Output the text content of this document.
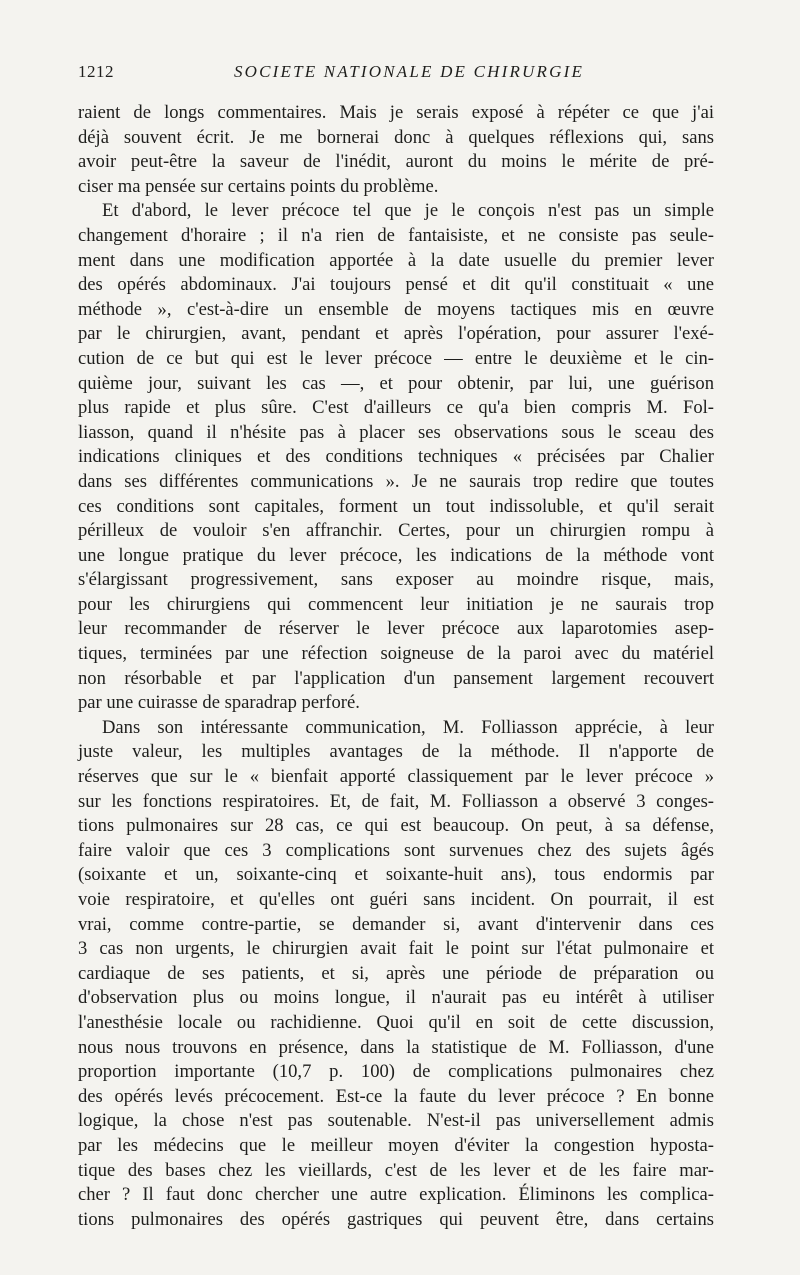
1212	SOCIETE NATIONALE DE CHIRURGIE
raient de longs commentaires. Mais je serais exposé à répéter ce que j'ai
déjà souvent écrit. Je me bornerai donc à quelques réflexions qui, sans
avoir peut-être la saveur de l'inédit, auront du moins le mérite de pré-
ciser ma pensée sur certains points du problème.
Et d'abord, le lever précoce tel que je le conçois n'est pas un simple
changement d'horaire ; il n'a rien de fantaisiste, et ne consiste pas seule-
ment dans une modification apportée à la date usuelle du premier lever
des opérés abdominaux. J'ai toujours pensé et dit qu'il constituait « une
méthode », c'est-à-dire un ensemble de moyens tactiques mis en œuvre
par le chirurgien, avant, pendant et après l'opération, pour assurer l'exé-
cution de ce but qui est le lever précoce — entre le deuxième et le cin-
quième jour, suivant les cas —, et pour obtenir, par lui, une guérison
plus rapide et plus sûre. C'est d'ailleurs ce qu'a bien compris M. Fol-
liasson, quand il n'hésite pas à placer ses observations sous le sceau des
indications cliniques et des conditions techniques « précisées par Chalier
dans ses différentes communications ». Je ne saurais trop redire que toutes
ces conditions sont capitales, forment un tout indissoluble, et qu'il serait
périlleux de vouloir s'en affranchir. Certes, pour un chirurgien rompu à
une longue pratique du lever précoce, les indications de la méthode vont
s'élargissant progressivement, sans exposer au moindre risque, mais,
pour les chirurgiens qui commencent leur initiation je ne saurais trop
leur recommander de réserver le lever précoce aux laparotomies asep-
tiques, terminées par une réfection soigneuse de la paroi avec du matériel
non résorbable et par l'application d'un pansement largement recouvert
par une cuirasse de sparadrap perforé.
Dans son intéressante communication, M. Folliasson apprécie, à leur
juste valeur, les multiples avantages de la méthode. Il n'apporte de
réserves que sur le « bienfait apporté classiquement par le lever précoce »
sur les fonctions respiratoires. Et, de fait, M. Folliasson a observé 3 conges-
tions pulmonaires sur 28 cas, ce qui est beaucoup. On peut, à sa défense,
faire valoir que ces 3 complications sont survenues chez des sujets âgés
(soixante et un, soixante-cinq et soixante-huit ans), tous endormis par
voie respiratoire, et qu'elles ont guéri sans incident. On pourrait, il est
vrai, comme contre-partie, se demander si, avant d'intervenir dans ces
3 cas non urgents, le chirurgien avait fait le point sur l'état pulmonaire et
cardiaque de ses patients, et si, après une période de préparation ou
d'observation plus ou moins longue, il n'aurait pas eu intérêt à utiliser
l'anesthésie locale ou rachidienne. Quoi qu'il en soit de cette discussion,
nous nous trouvons en présence, dans la statistique de M. Folliasson, d'une
proportion importante (10,7 p. 100) de complications pulmonaires chez
des opérés levés précocement. Est-ce la faute du lever précoce ? En bonne
logique, la chose n'est pas soutenable. N'est-il pas universellement admis
par les médecins que le meilleur moyen d'éviter la congestion hyposta-
tique des bases chez les vieillards, c'est de les lever et de les faire mar-
cher ? Il faut donc chercher une autre explication. Éliminons les complica-
tions pulmonaires des opérés gastriques qui peuvent être, dans certains
